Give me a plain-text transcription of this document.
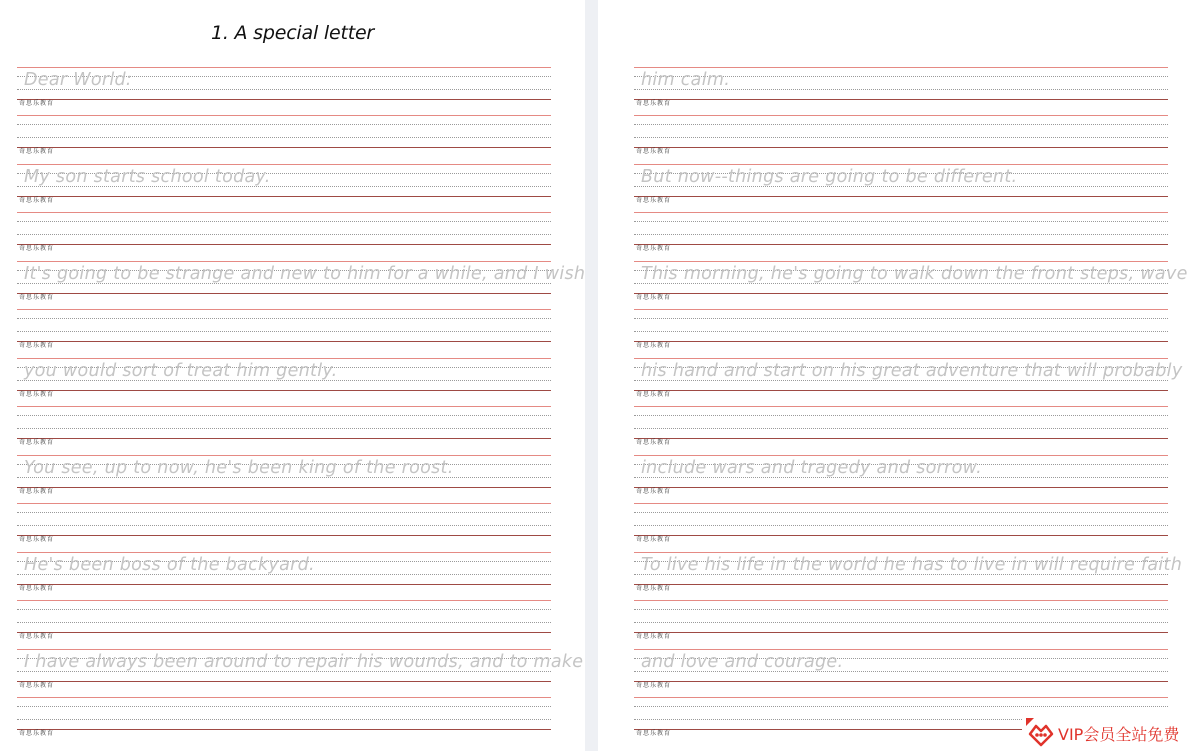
1. A special letter
Dear World:
奇思乐教育
奇思乐教育
My son starts school today.
奇思乐教育
奇思乐教育
It's going to be strange and new to him for a while, and I wish
奇思乐教育
奇思乐教育
you would sort of treat him gently.
奇思乐教育
奇思乐教育
You see, up to now, he's been king of the roost.
奇思乐教育
奇思乐教育
He's been boss of the backyard.
奇思乐教育
奇思乐教育
I have always been around to repair his wounds, and to make
奇思乐教育
奇思乐教育
him calm.
奇思乐教育
奇思乐教育
But now--things are going to be different.
奇思乐教育
奇思乐教育
This morning, he's going to walk down the front steps, wave
奇思乐教育
奇思乐教育
his hand and start on his great adventure that will probably
奇思乐教育
奇思乐教育
include wars and tragedy and sorrow.
奇思乐教育
奇思乐教育
To live his life in the world he has to live in will require faith
奇思乐教育
奇思乐教育
and love and courage.
奇思乐教育
奇思乐教育	VIP会员全站免费
